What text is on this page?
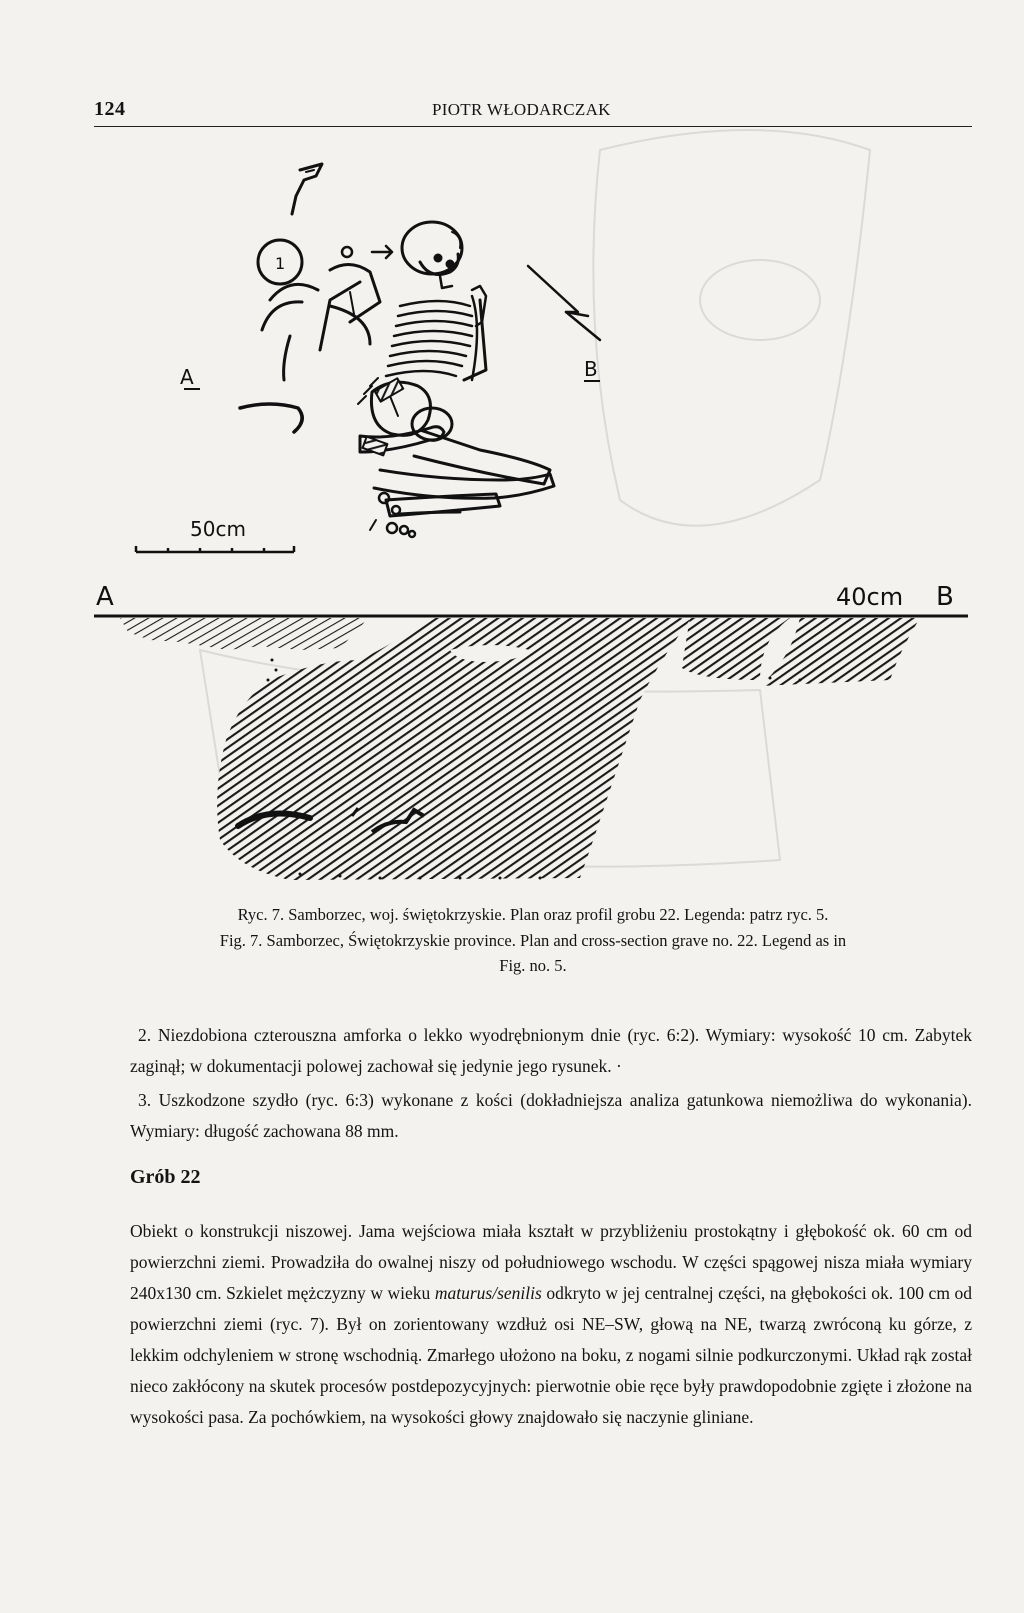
124	PIOTR WŁODARCZAK
1
A	B
50cm
A	40cm B
Ryc. 7. Samborzec, woj. świętokrzyskie. Plan oraz profil grobu 22. Legenda: patrz ryc. 5.
Fig. 7. Samborzec, Świętokrzyskie province. Plan and cross-section grave no. 22. Legend as in
Fig. no. 5.

2. Niezdobiona czterouszna amforka o lekko wyodrębnionym dnie (ryc. 6:2). Wymiary: wysokość 10 cm. Zabytek zaginął; w dokumentacji polowej zachował się jedynie jego rysunek. ·

3. Uszkodzone szydło (ryc. 6:3) wykonane z kości (dokładniejsza analiza gatunkowa niemożliwa do wykonania). Wymiary: długość zachowana 88 mm.

Grób 22

Obiekt o konstrukcji niszowej. Jama wejściowa miała kształt w przybliżeniu prostokątny i głębokość ok. 60 cm od powierzchni ziemi. Prowadziła do owalnej niszy od południowego wschodu. W części spągowej nisza miała wymiary 240x130 cm. Szkielet mężczyzny w wieku maturus/senilis odkryto w jej centralnej części, na głębokości ok. 100 cm od powierzchni ziemi (ryc. 7). Był on zorientowany wzdłuż osi NE–SW, głową na NE, twarzą zwróconą ku górze, z lekkim odchyleniem w stronę wschodnią. Zmarłego ułożono na boku, z nogami silnie podkurczonymi. Układ rąk został nieco zakłócony na skutek procesów postdepozycyjnych: pierwotnie obie ręce były prawdopodobnie zgięte i złożone na wysokości pasa. Za pochówkiem, na wysokości głowy znajdowało się naczynie gliniane.
